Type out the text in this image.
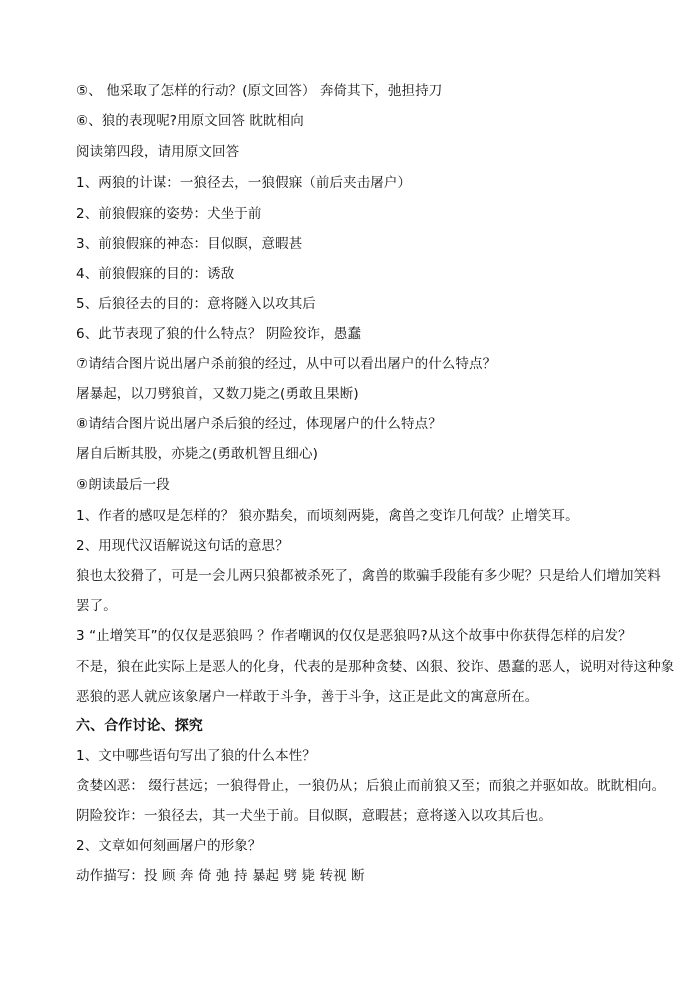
⑤、 他采取了怎样的行动？(原文回答） 奔倚其下，弛担持刀
⑥、狼的表现呢?用原文回答 眈眈相向
阅读第四段，请用原文回答
1、两狼的计谋：一狼径去，一狼假寐（前后夹击屠户）
2、前狼假寐的姿势：犬坐于前
3、前狼假寐的神态：目似瞑，意暇甚
4、前狼假寐的目的：诱敌
5、后狼径去的目的：意将隧入以攻其后
6、此节表现了狼的什么特点？ 阴险狡诈，愚蠢
⑦请结合图片说出屠户杀前狼的经过，从中可以看出屠户的什么特点？
屠暴起，以刀劈狼首，又数刀毙之(勇敢且果断)
⑧请结合图片说出屠户杀后狼的经过，体现屠户的什么特点？
屠自后断其股，亦毙之(勇敢机智且细心)
⑨朗读最后一段
1、作者的感叹是怎样的？ 狼亦黠矣，而顷刻两毙，禽兽之变诈几何哉？止增笑耳。
2、用现代汉语解说这句话的意思？
狼也太狡猾了，可是一会儿两只狼都被杀死了，禽兽的欺骗手段能有多少呢？只是给人们增加笑料
罢了。
3 “止增笑耳”的仅仅是恶狼吗 ？作者嘲讽的仅仅是恶狼吗?从这个故事中你获得怎样的启发？
不是，狼在此实际上是恶人的化身，代表的是那种贪婪、凶狠、狡诈、愚蠢的恶人，说明对待这种象
恶狼的恶人就应该象屠户一样敢于斗争，善于斗争，这正是此文的寓意所在。
六、合作讨论、探究
1、文中哪些语句写出了狼的什么本性？
贪婪凶恶： 缀行甚远；一狼得骨止，一狼仍从；后狼止而前狼又至；而狼之并驱如故。眈眈相向。
阴险狡诈：一狼径去，其一犬坐于前。目似瞑，意暇甚；意将遂入以攻其后也。
2、文章如何刻画屠户的形象？
动作描写：投 顾 奔 倚 弛 持 暴起 劈 毙 转视 断
